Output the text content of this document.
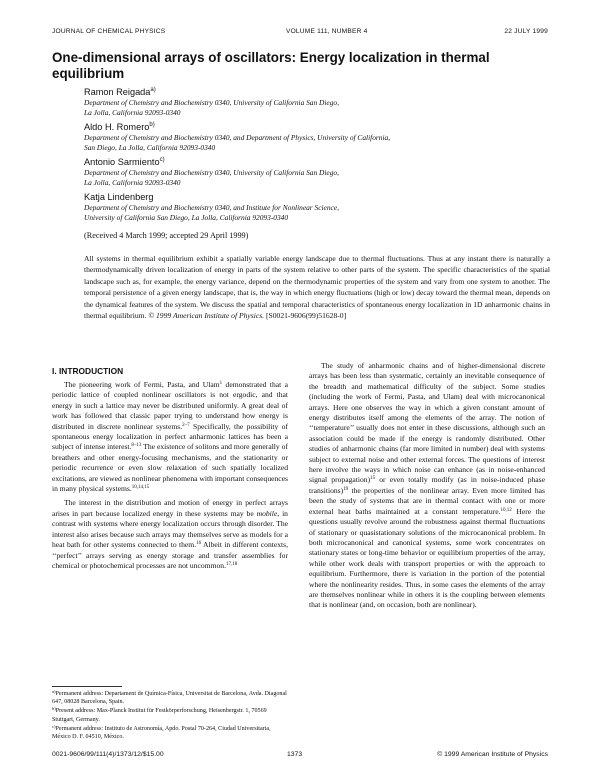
JOURNAL OF CHEMICAL PHYSICS	VOLUME 111, NUMBER 4	22 JULY 1999
One-dimensional arrays of oscillators: Energy localization in thermal equilibrium
Ramon Reigada$^{a)}$
Department of Chemistry and Biochemistry 0340, University of California San Diego,
La Jolla, California 92093-0340
Aldo H. Romero$^{b)}$
Department of Chemistry and Biochemistry 0340, and Department of Physics, University of California,
San Diego, La Jolla, California 92093-0340
Antonio Sarmiento$^{c)}$
Department of Chemistry and Biochemistry 0340, University of California San Diego,
La Jolla, California 92093-0340
Katja Lindenberg
Department of Chemistry and Biochemistry 0340, and Institute for Nonlinear Science,
University of California San Diego, La Jolla, California 92093-0340
(Received 4 March 1999; accepted 29 April 1999)
All systems in thermal equilibrium exhibit a spatially variable energy landscape due to thermal fluctuations. Thus at any instant there is naturally a thermodynamically driven localization of energy in parts of the system relative to other parts of the system. The specific characteristics of the spatial landscape such as, for example, the energy variance, depend on the thermodynamic properties of the system and vary from one system to another. The temporal persistence of a given energy landscape, that is, the way in which energy fluctuations (high or low) decay toward the thermal mean, depends on the dynamical features of the system. We discuss the spatial and temporal characteristics of spontaneous energy localization in 1D anharmonic chains in thermal equilibrium. © 1999 American Institute of Physics. [S0021-9606(99)51628-0]
I. INTRODUCTION

The pioneering work of Fermi, Pasta, and Ulam$^1$ demonstrated that a periodic lattice of coupled nonlinear oscillators is not ergodic, and that energy in such a lattice may never be distributed uniformly. A great deal of work has followed that classic paper trying to understand how energy is distributed in discrete nonlinear systems.$^{2-7}$ Specifically, the possibility of spontaneous energy localization in perfect anharmonic lattices has been a subject of intense interest.$^{8-13}$ The existence of solitons and more generally of breathers and other energy-focusing mechanisms, and the stationarity or periodic recurrence or even slow relaxation of such spatially localized excitations, are viewed as nonlinear phenomena with important consequences in many physical systems.$^{10,14,15}$

The interest in the distribution and motion of energy in perfect arrays arises in part because localized energy in these systems may be mobile, in contrast with systems where energy localization occurs through disorder. The interest also arises because such arrays may themselves serve as models for a heat bath for other systems connected to them.$^{16}$ Albeit in different contexts, ‘‘perfect’’ arrays serving as energy storage and transfer assemblies for chemical or photochemical processes are not uncommon.$^{17,18}$

The study of anharmonic chains and of higher-dimensional discrete arrays has been less than systematic, certainly an inevitable consequence of the breadth and mathematical difficulty of the subject. Some studies (including the work of Fermi, Pasta, and Ulam) deal with microcanonical arrays. Here one observes the way in which a given constant amount of energy distributes itself among the elements of the array. The notion of ‘‘temperature’’ usually does not enter in these discussions, although such an association could be made if the energy is randomly distributed. Other studies of anharmonic chains (far more limited in number) deal with systems subject to external noise and other external forces. The questions of interest here involve the ways in which noise can enhance (as in noise-enhanced signal propagation)$^{15}$ or even totally modify (as in noise-induced phase transitions)$^{19}$ the properties of the nonlinear array. Even more limited has been the study of systems that are in thermal contact with one or more external heat baths maintained at a constant temperature.$^{10,12}$ Here the questions usually revolve around the robustness against thermal fluctuations of stationary or quasistationary solutions of the microcanonical problem. In both microcanonical and canonical systems, some work concentrates on stationary states or long-time behavior or equilibrium properties of the array, while other work deals with transport properties or with the approach to equilibrium. Furthermore, there is variation in the portion of the potential where the nonlinearity resides. Thus, in some cases the elements of the array are themselves nonlinear while in others it is the coupling between elements that is nonlinear (and, on occasion, both are nonlinear).

$^{a)}$Permanent address: Departament de Química-Física, Universitat de Barcelona, Avda. Diagonal 647, 08028 Barcelona, Spain.
$^{b)}$Present address: Max-Planck Institut für Festkörperforschung, Heisenbergstr. 1, 70569 Stuttgart, Germany.
$^{c)}$Permanent address: Instituto de Astronomía, Apdo. Postal 70-264, Ciudad Universitaria, México D. F. 04510, México.
0021-9606/99/111(4)/1373/12/$15.00	1373	© 1999 American Institute of Physics
